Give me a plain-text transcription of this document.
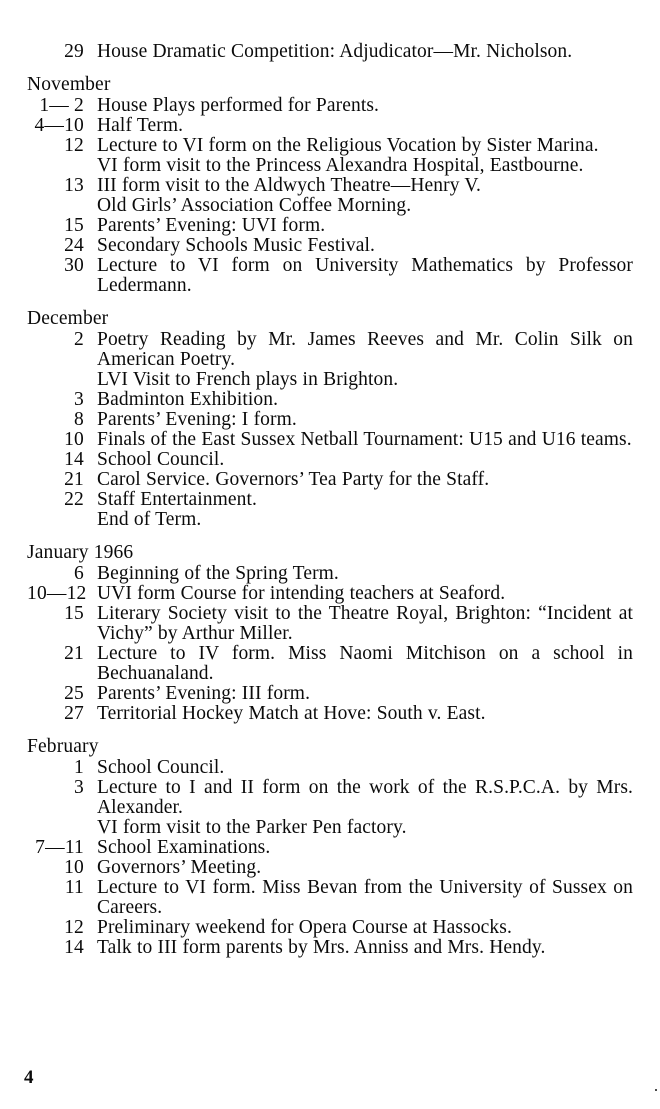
29 House Dramatic Competition: Adjudicator—Mr. Nicholson.
November
1— 2 House Plays performed for Parents.
4—10 Half Term.
12 Lecture to VI form on the Religious Vocation by Sister Marina.
VI form visit to the Princess Alexandra Hospital, Eastbourne.
13 III form visit to the Aldwych Theatre—Henry V.
Old Girls’ Association Coffee Morning.
15 Parents’ Evening: UVI form.
24 Secondary Schools Music Festival.
30 Lecture to VI form on University Mathematics by Professor Ledermann.
December
2 Poetry Reading by Mr. James Reeves and Mr. Colin Silk on American Poetry.
LVI Visit to French plays in Brighton.
3 Badminton Exhibition.
8 Parents’ Evening: I form.
10 Finals of the East Sussex Netball Tournament: U15 and U16 teams.
14 School Council.
21 Carol Service. Governors’ Tea Party for the Staff.
22 Staff Entertainment.
End of Term.
January 1966
6 Beginning of the Spring Term.
10—12 UVI form Course for intending teachers at Seaford.
15 Literary Society visit to the Theatre Royal, Brighton: “Incident at Vichy” by Arthur Miller.
21 Lecture to IV form. Miss Naomi Mitchison on a school in Bechuanaland.
25 Parents’ Evening: III form.
27 Territorial Hockey Match at Hove: South v. East.
February
1 School Council.
3 Lecture to I and II form on the work of the R.S.P.C.A. by Mrs. Alexander.
VI form visit to the Parker Pen factory.
7—11 School Examinations.
10 Governors’ Meeting.
11 Lecture to VI form. Miss Bevan from the University of Sussex on Careers.
12 Preliminary weekend for Opera Course at Hassocks.
14 Talk to III form parents by Mrs. Anniss and Mrs. Hendy.
4
